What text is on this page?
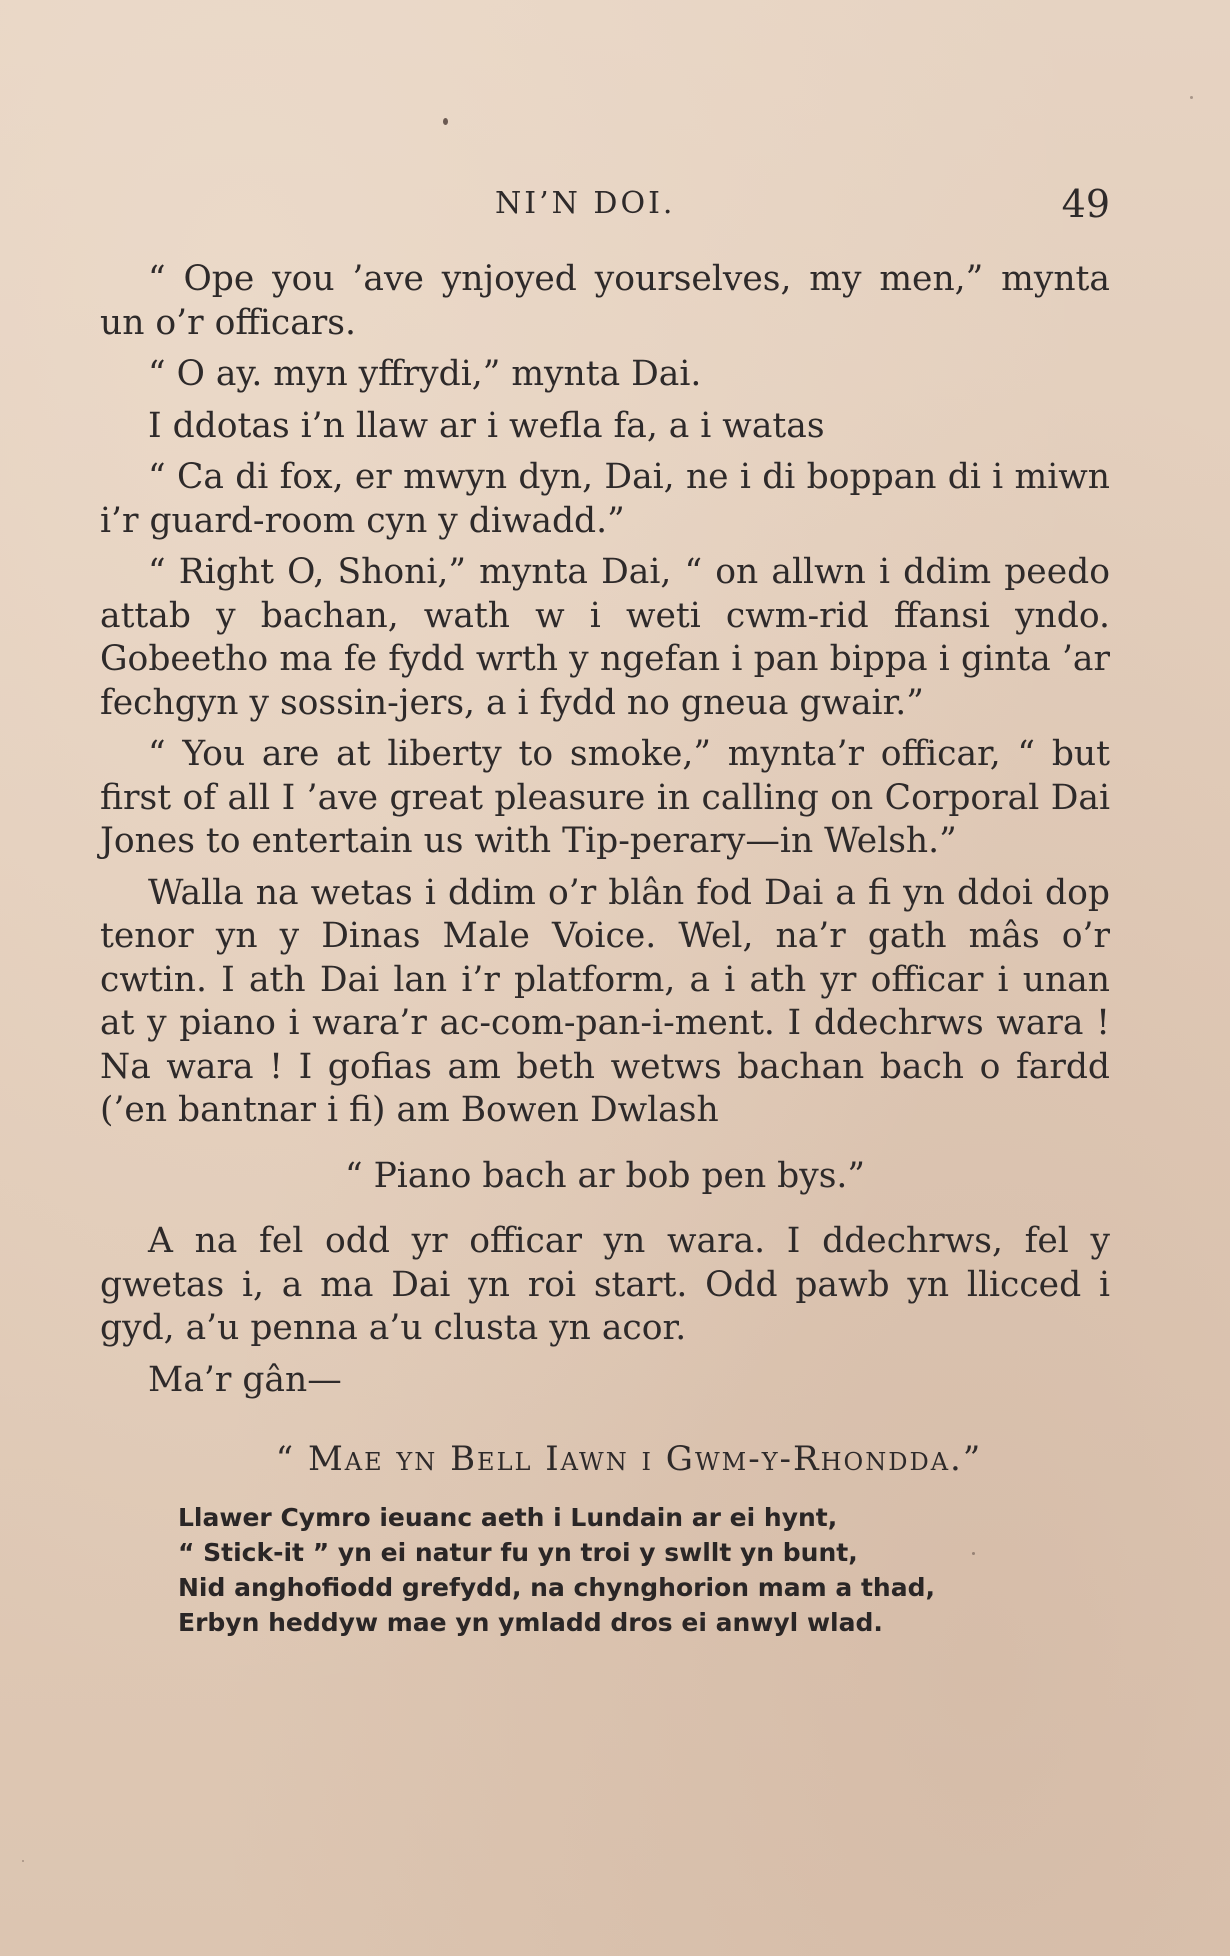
NI’N DOI.	49

“ Ope you ’ave ynjoyed yourselves, my men,” mynta un o’r officars.

“ O ay. myn yffrydi,” mynta Dai.

I ddotas i’n llaw ar i wefla fa, a i watas

“ Ca di fox, er mwyn dyn, Dai, ne i di boppan di i miwn i’r guard-room cyn y diwadd.”

“ Right O, Shoni,” mynta Dai, “ on allwn i ddim peedo attab y bachan, wath w i weti cwm-rid ffansi yndo. Gobeetho ma fe fydd wrth y ngefan i pan bippa i ginta ’ar fechgyn y sossin-jers, a i fydd no gneua gwair.”

“ You are at liberty to smoke,” mynta’r officar, “ but first of all I ’ave great pleasure in calling on Corporal Dai Jones to entertain us with Tip-perary—in Welsh.”

Walla na wetas i ddim o’r blân fod Dai a fi yn ddoi dop tenor yn y Dinas Male Voice. Wel, na’r gath mâs o’r cwtin. I ath Dai lan i’r platform, a i ath yr officar i unan at y piano i wara’r ac-com-pan-i-ment. I ddechrws wara ! Na wara ! I gofias am beth wetws bachan bach o fardd (’en bantnar i fi) am Bowen Dwlash

“ Piano bach ar bob pen bys.”

A na fel odd yr officar yn wara. I ddechrws, fel y gwetas i, a ma Dai yn roi start. Odd pawb yn llicced i gyd, a’u penna a’u clusta yn acor.

Ma’r gân—

“ Mae yn Bell Iawn i Gwm-y-Rhondda.”

Llawer Cymro ieuanc aeth i Lundain ar ei hynt,
“ Stick-it ” yn ei natur fu yn troi y swllt yn bunt,
Nid anghofiodd grefydd, na chynghorion mam a thad,
Erbyn heddyw mae yn ymladd dros ei anwyl wlad.
